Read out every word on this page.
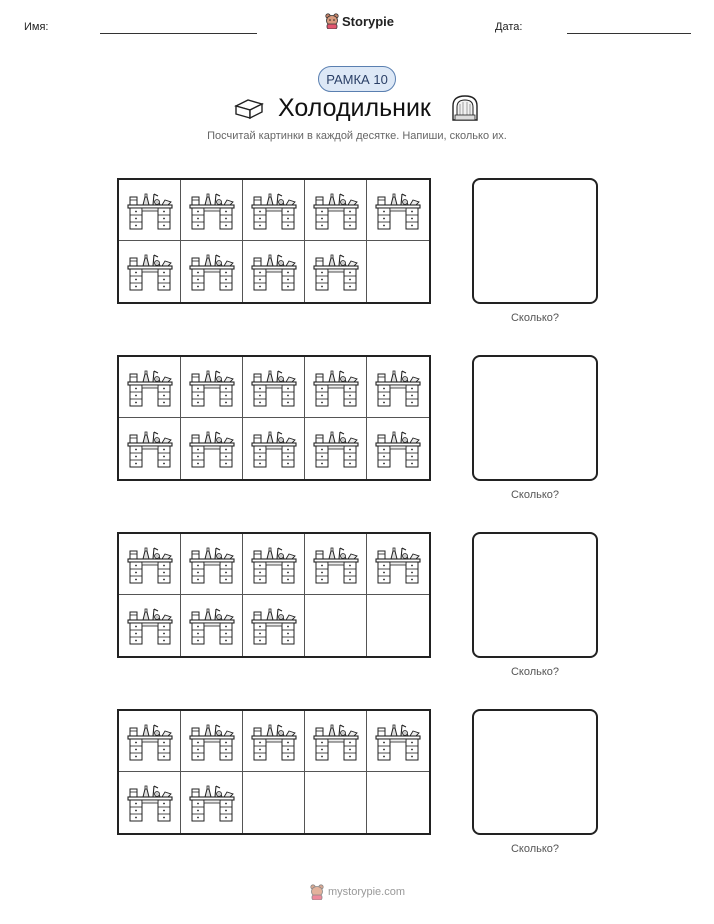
Имя:	Storypie	Дата:
РАМКА 10
Холодильник
Посчитай картинки в каждой десятке. Напиши, сколько их.
Сколько?
Сколько?
Сколько?
Сколько?
mystorypie.com
